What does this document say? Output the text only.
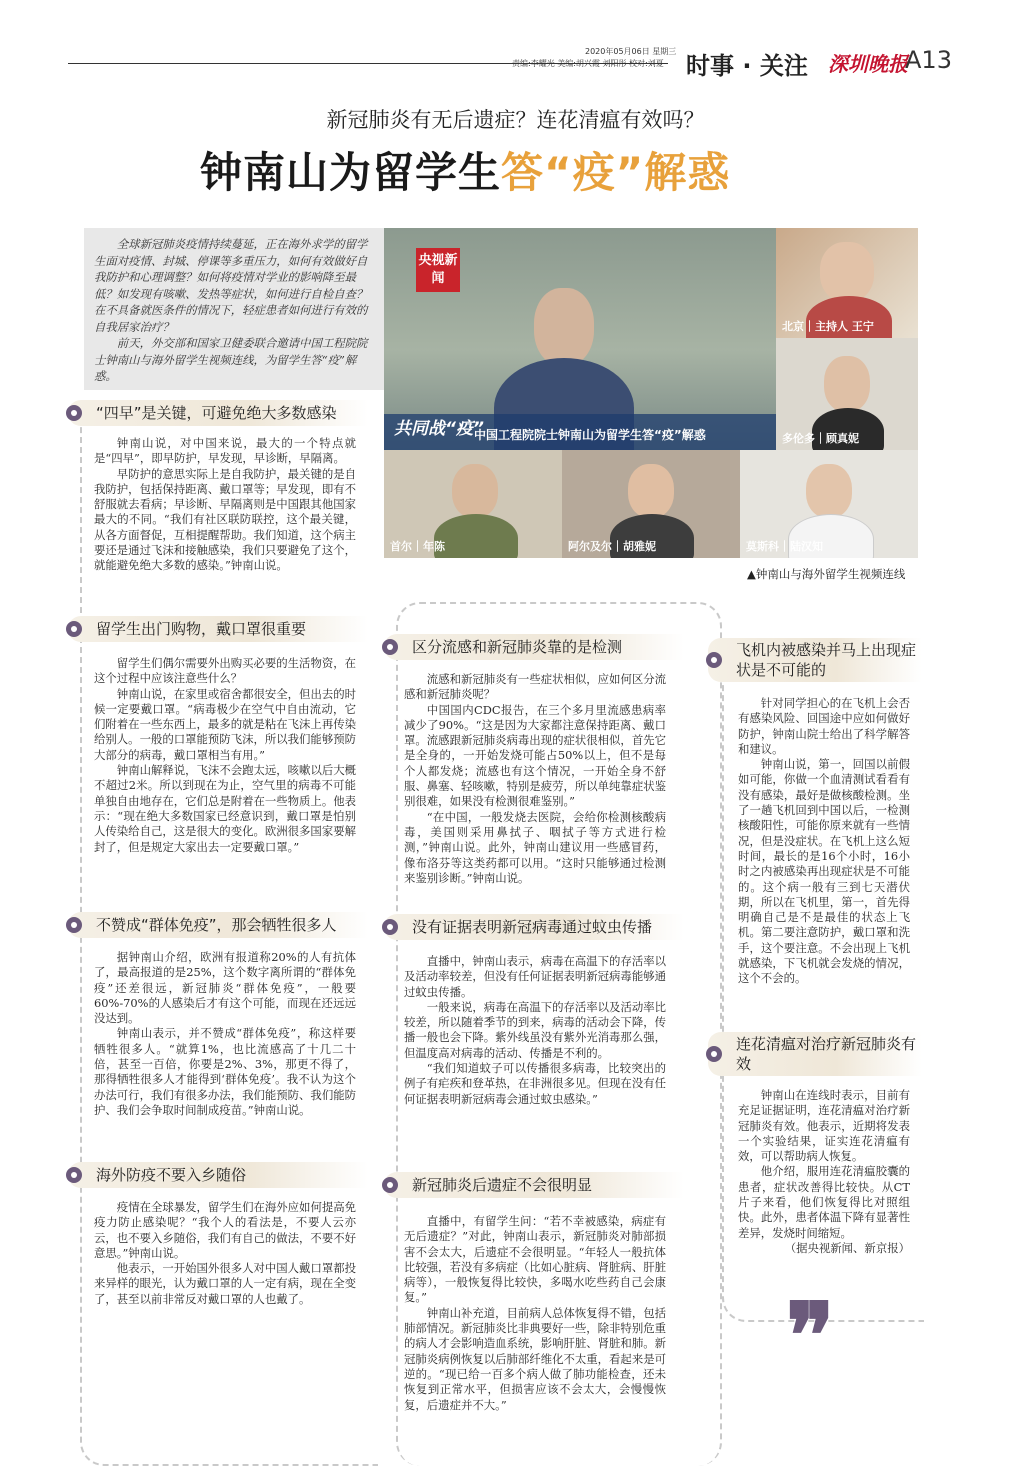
2020年05月06日 星期三
责编:李耀光 美编:胡兴霞 刘阳彤 校对:刘夏 时事 · 关注 深圳晚报
A13
新冠肺炎有无后遗症？连花清瘟有效吗？
钟南山为留学生答“疫”解惑

全球新冠肺炎疫情持续蔓延，正在海外求学的留学生面对疫情、封城、停课等多重压力，如何有效做好自我防护和心理调整？如何将疫情对学业的影响降至最低？如发现有咳嗽、发热等症状，如何进行自检自查？在不具备就医条件的情况下，轻症患者如何进行有效的自我居家治疗？

前天，外交部和国家卫健委联合邀请中国工程院院士钟南山与海外留学生视频连线，为留学生答“疫”解惑。

央视新闻
共同战“疫”
中国工程院院士钟南山为留学生答“疫”解惑
北京｜主持人 王宁
多伦多｜顾真妮
首尔｜年陈	阿尔及尔｜胡雅妮	莫斯科｜陆汉知
▲钟南山与海外留学生视频连线
“四早”是关键，可避免绝大多数感染

钟南山说，对中国来说，最大的一个特点就是“四早”，即早防护，早发现，早诊断，早隔离。

早防护的意思实际上是自我防护，最关键的是自我防护，包括保持距离、戴口罩等；早发现，即有不舒服就去看病；早诊断、早隔离则是中国跟其他国家最大的不同。“我们有社区联防联控，这个最关键，从各方面督促，互相提醒帮助。我们知道，这个病主要还是通过飞沫和接触感染，我们只要避免了这个，就能避免绝大多数的感染。”钟南山说。

留学生出门购物，戴口罩很重要

留学生们偶尔需要外出购买必要的生活物资，在这个过程中应该注意些什么？

钟南山说，在家里或宿舍都很安全，但出去的时候一定要戴口罩。“病毒极少在空气中自由流动，它们附着在一些东西上，最多的就是粘在飞沫上再传染给别人。一般的口罩能预防飞沫，所以我们能够预防大部分的病毒，戴口罩相当有用。”

钟南山解释说，飞沫不会跑太远，咳嗽以后大概不超过2米。所以到现在为止，空气里的病毒不可能单独自由地存在，它们总是附着在一些物质上。他表示：“现在绝大多数国家已经意识到，戴口罩是怕别人传染给自己，这是很大的变化。欧洲很多国家要解封了，但是规定大家出去一定要戴口罩。”

不赞成“群体免疫”，那会牺牲很多人

据钟南山介绍，欧洲有报道称20%的人有抗体了，最高报道的是25%，这个数字离所谓的“群体免疫”还差很远，新冠肺炎“群体免疫”，一般要60%-70%的人感染后才有这个可能，而现在还远远没达到。

钟南山表示，并不赞成“群体免疫”，称这样要牺牲很多人。“就算1%，也比流感高了十几二十倍，甚至一百倍，你要是2%、3%，那更不得了，那得牺牲很多人才能得到‘群体免疫’。我不认为这个办法可行，我们有很多办法，我们能预防、我们能防护、我们会争取时间制成疫苗。”钟南山说。

海外防疫不要入乡随俗

疫情在全球暴发，留学生们在海外应如何提高免疫力防止感染呢？“我个人的看法是，不要人云亦云，也不要入乡随俗，我们有自己的做法，不要不好意思。”钟南山说。

他表示，一开始国外很多人对中国人戴口罩都投来异样的眼光，认为戴口罩的人一定有病，现在全变了，甚至以前非常反对戴口罩的人也戴了。

区分流感和新冠肺炎靠的是检测

流感和新冠肺炎有一些症状相似，应如何区分流感和新冠肺炎呢？

中国国内CDC报告，在三个多月里流感患病率减少了90%。“这是因为大家都注意保持距离、戴口罩。流感跟新冠肺炎病毒出现的症状很相似，首先它是全身的，一开始发烧可能占50%以上，但不是每个人都发烧；流感也有这个情况，一开始全身不舒服、鼻塞、轻咳嗽，特别是疲劳，所以单纯靠症状鉴别很难，如果没有检测很难鉴别。”

“在中国，一般发烧去医院，会给你检测核酸病毒，美国则采用鼻拭子、咽拭子等方式进行检测，”钟南山说。此外，钟南山建议用一些感冒药，像布洛芬等这类药都可以用。“这时只能够通过检测来鉴别诊断。”钟南山说。

没有证据表明新冠病毒通过蚊虫传播

直播中，钟南山表示，病毒在高温下的存活率以及活动率较差，但没有任何证据表明新冠病毒能够通过蚊虫传播。

一般来说，病毒在高温下的存活率以及活动率比较差，所以随着季节的到来，病毒的活动会下降，传播一般也会下降。紫外线虽没有紫外光消毒那么强，但温度高对病毒的活动、传播是不利的。

“我们知道蚊子可以传播很多病毒，比较突出的例子有疟疾和登革热，在非洲很多见。但现在没有任何证据表明新冠病毒会通过蚊虫感染。”

新冠肺炎后遗症不会很明显

直播中，有留学生问：“若不幸被感染，病症有无后遗症？”对此，钟南山表示，新冠肺炎对肺部损害不会太大，后遗症不会很明显。“年轻人一般抗体比较强，若没有多病症（比如心脏病、肾脏病、肝脏病等），一般恢复得比较快，多喝水吃些药自己会康复。”

钟南山补充道，目前病人总体恢复得不错，包括肺部情况。新冠肺炎比非典要好一些，除非特别危重的病人才会影响造血系统，影响肝脏、肾脏和肺。新冠肺炎病例恢复以后肺部纤维化不太重，看起来是可逆的。“现已给一百多个病人做了肺功能检查，还未恢复到正常水平，但损害应该不会太大，会慢慢恢复，后遗症并不大。”

飞机内被感染并马上出现症状是不可能的

针对同学担心的在飞机上会否有感染风险、回国途中应如何做好防护，钟南山院士给出了科学解答和建议。

钟南山说，第一，回国以前假如可能，你做一个血清测试看看有没有感染，最好是做核酸检测。坐了一趟飞机回到中国以后，一检测核酸阳性，可能你原来就有一些情况，但是没症状。在飞机上这么短时间，最长的是16个小时，16小时之内被感染再出现症状是不可能的。这个病一般有三到七天潜伏期，所以在飞机里，第一，首先得明确自己是不是最佳的状态上飞机。第二要注意防护，戴口罩和洗手，这个要注意。不会出现上飞机就感染，下飞机就会发烧的情况，这个不会的。

连花清瘟对治疗新冠肺炎有效

钟南山在连线时表示，目前有充足证据证明，连花清瘟对治疗新冠肺炎有效。他表示，近期将发表一个实验结果，证实连花清瘟有效，可以帮助病人恢复。

他介绍，服用连花清瘟胶囊的患者，症状改善得比较快。从CT片子来看，他们恢复得比对照组快。此外，患者体温下降有显著性差异，发烧时间缩短。

（据央视新闻、新京报）
❞
